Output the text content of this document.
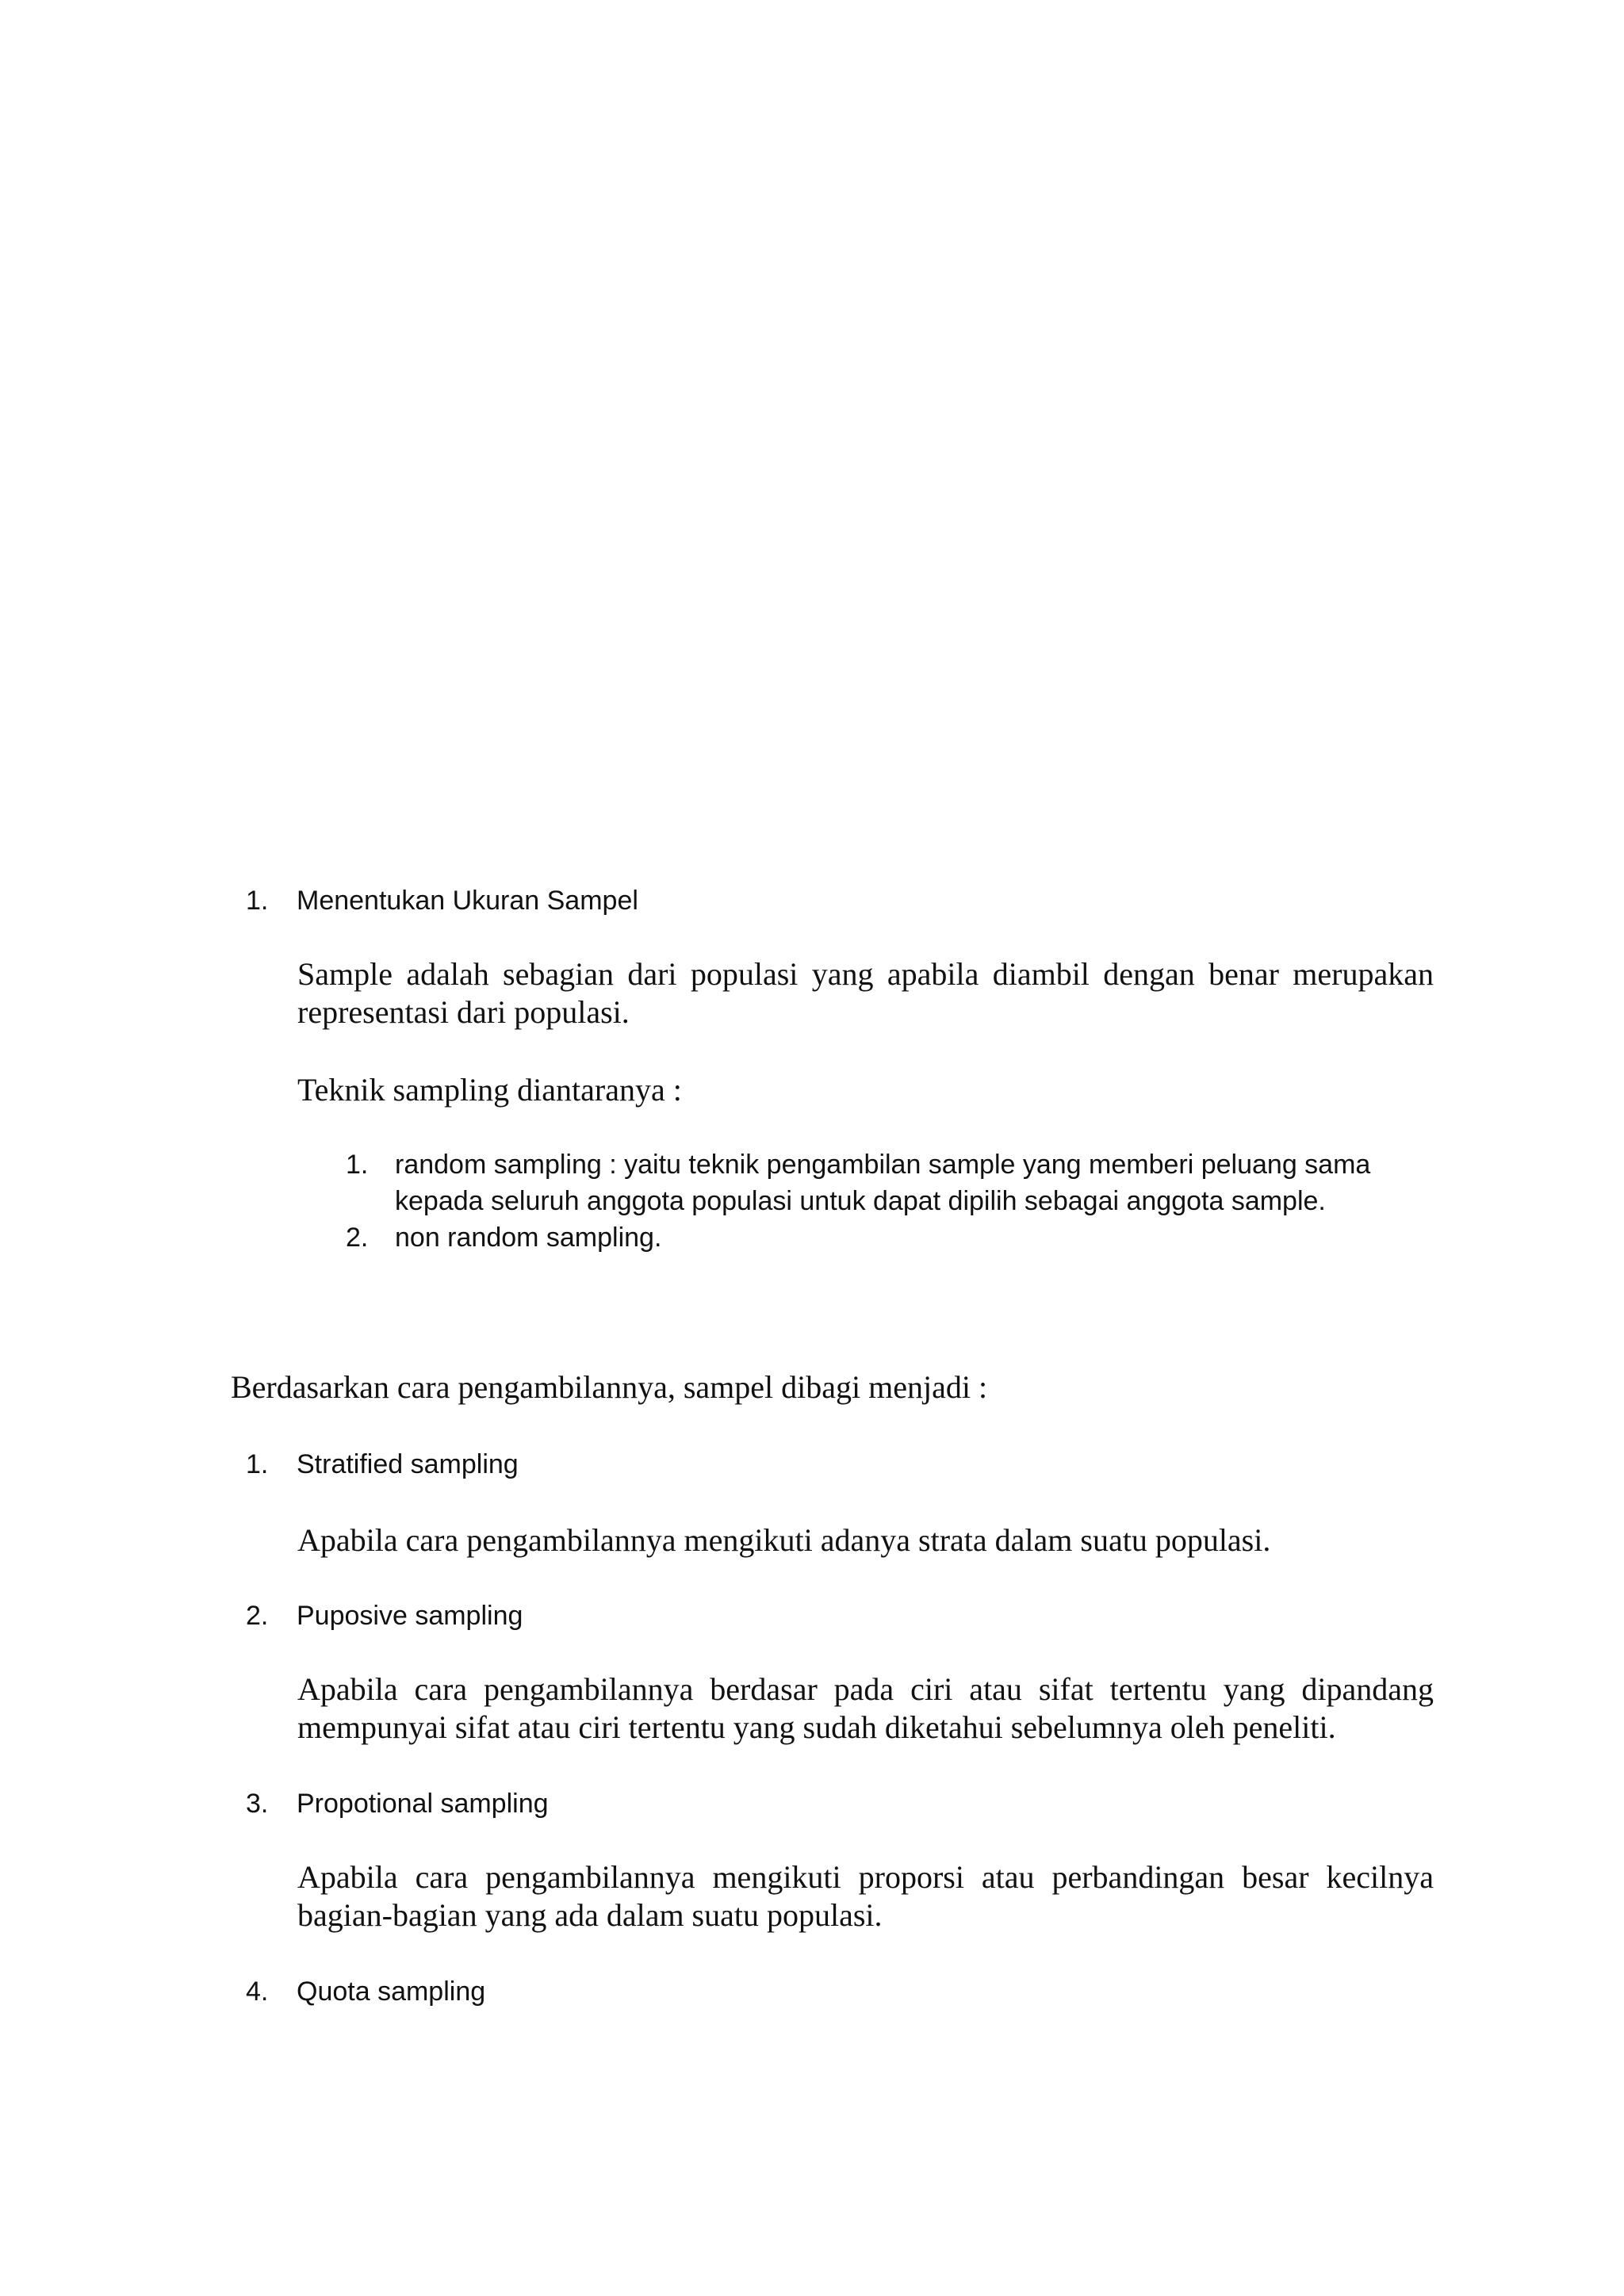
1. Menentukan Ukuran Sampel
Sample adalah sebagian dari populasi yang apabila diambil dengan benar merupakan
representasi dari populasi.
Teknik sampling diantaranya :
1. random sampling : yaitu teknik pengambilan sample yang memberi peluang sama
kepada seluruh anggota populasi untuk dapat dipilih sebagai anggota sample.
2. non random sampling.
Berdasarkan cara pengambilannya, sampel dibagi menjadi :
1. Stratified sampling
Apabila cara pengambilannya mengikuti adanya strata dalam suatu populasi.
2. Puposive sampling
Apabila cara pengambilannya berdasar pada ciri atau sifat tertentu yang dipandang
mempunyai sifat atau ciri tertentu yang sudah diketahui sebelumnya oleh peneliti.
3. Propotional sampling
Apabila cara pengambilannya mengikuti proporsi atau perbandingan besar kecilnya
bagian-bagian yang ada dalam suatu populasi.
4. Quota sampling
